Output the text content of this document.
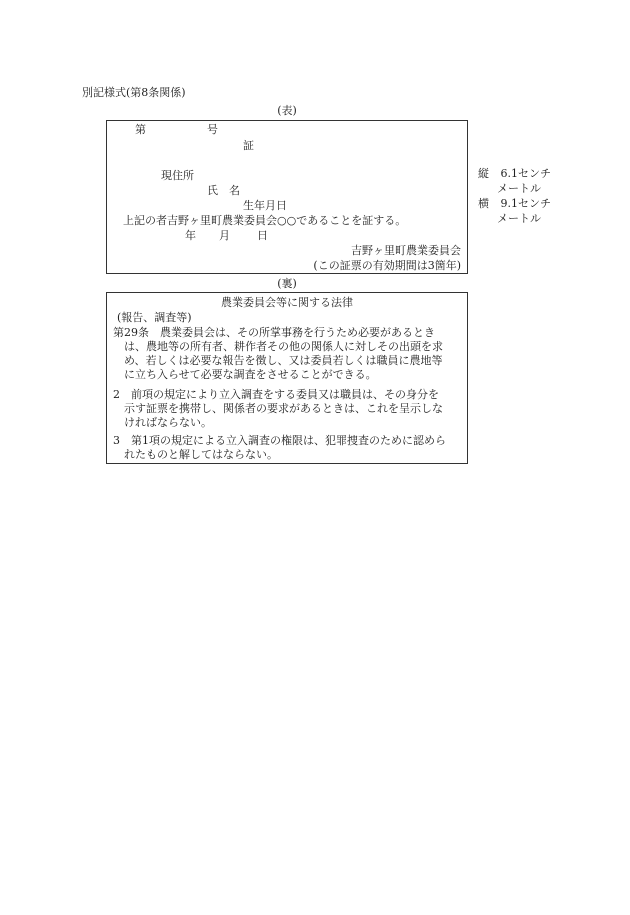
別記様式(第8条関係)
(表)
第	号
証
現住所
氏　名
生年月日
上記の者吉野ヶ里町農業委員会○○であることを証する。
年 月 日
吉野ヶ里町農業委員会
(この証票の有効期間は3箇年)
縦 6.1センチ
メートル
横 9.1センチ
メートル
(裏)
農業委員会等に関する法律
(報告、調査等)
第29条　農業委員会は、その所掌事務を行うため必要があるとき
　は、農地等の所有者、耕作者その他の関係人に対しその出頭を求
　め、若しくは必要な報告を徴し、又は委員若しくは職員に農地等
　に立ち入らせて必要な調査をさせることができる。
2　前項の規定により立入調査をする委員又は職員は、その身分を
　示す証票を携帯し、関係者の要求があるときは、これを呈示しな
　ければならない。
3　第1項の規定による立入調査の権限は、犯罪捜査のために認めら
　れたものと解してはならない。
